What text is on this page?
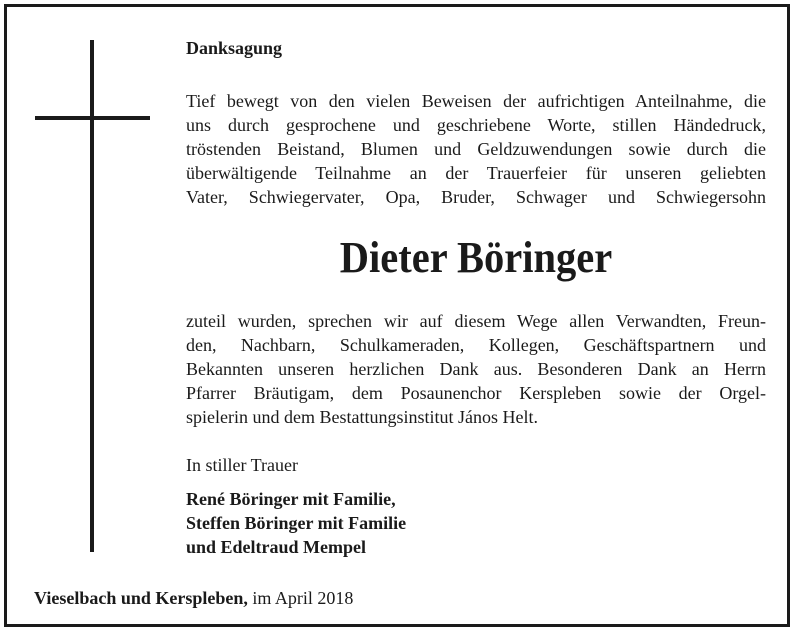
Danksagung
Tief bewegt von den vielen Beweisen der aufrichtigen Anteilnahme, die
uns durch gesprochene und geschriebene Worte, stillen Händedruck,
tröstenden Beistand, Blumen und Geldzuwendungen sowie durch die
überwältigende Teilnahme an der Trauerfeier für unseren geliebten
Vater, Schwiegervater, Opa, Bruder, Schwager und Schwiegersohn
Dieter Böringer
zuteil wurden, sprechen wir auf diesem Wege allen Verwandten, Freun-
den, Nachbarn, Schulkameraden, Kollegen, Geschäftspartnern und
Bekannten unseren herzlichen Dank aus. Besonderen Dank an Herrn
Pfarrer Bräutigam, dem Posaunenchor Kerspleben sowie der Orgel-
spielerin und dem Bestattungsinstitut János Helt.
In stiller Trauer
René Böringer mit Familie,
Steffen Böringer mit Familie
und Edeltraud Mempel
Vieselbach und Kerspleben, im April 2018
